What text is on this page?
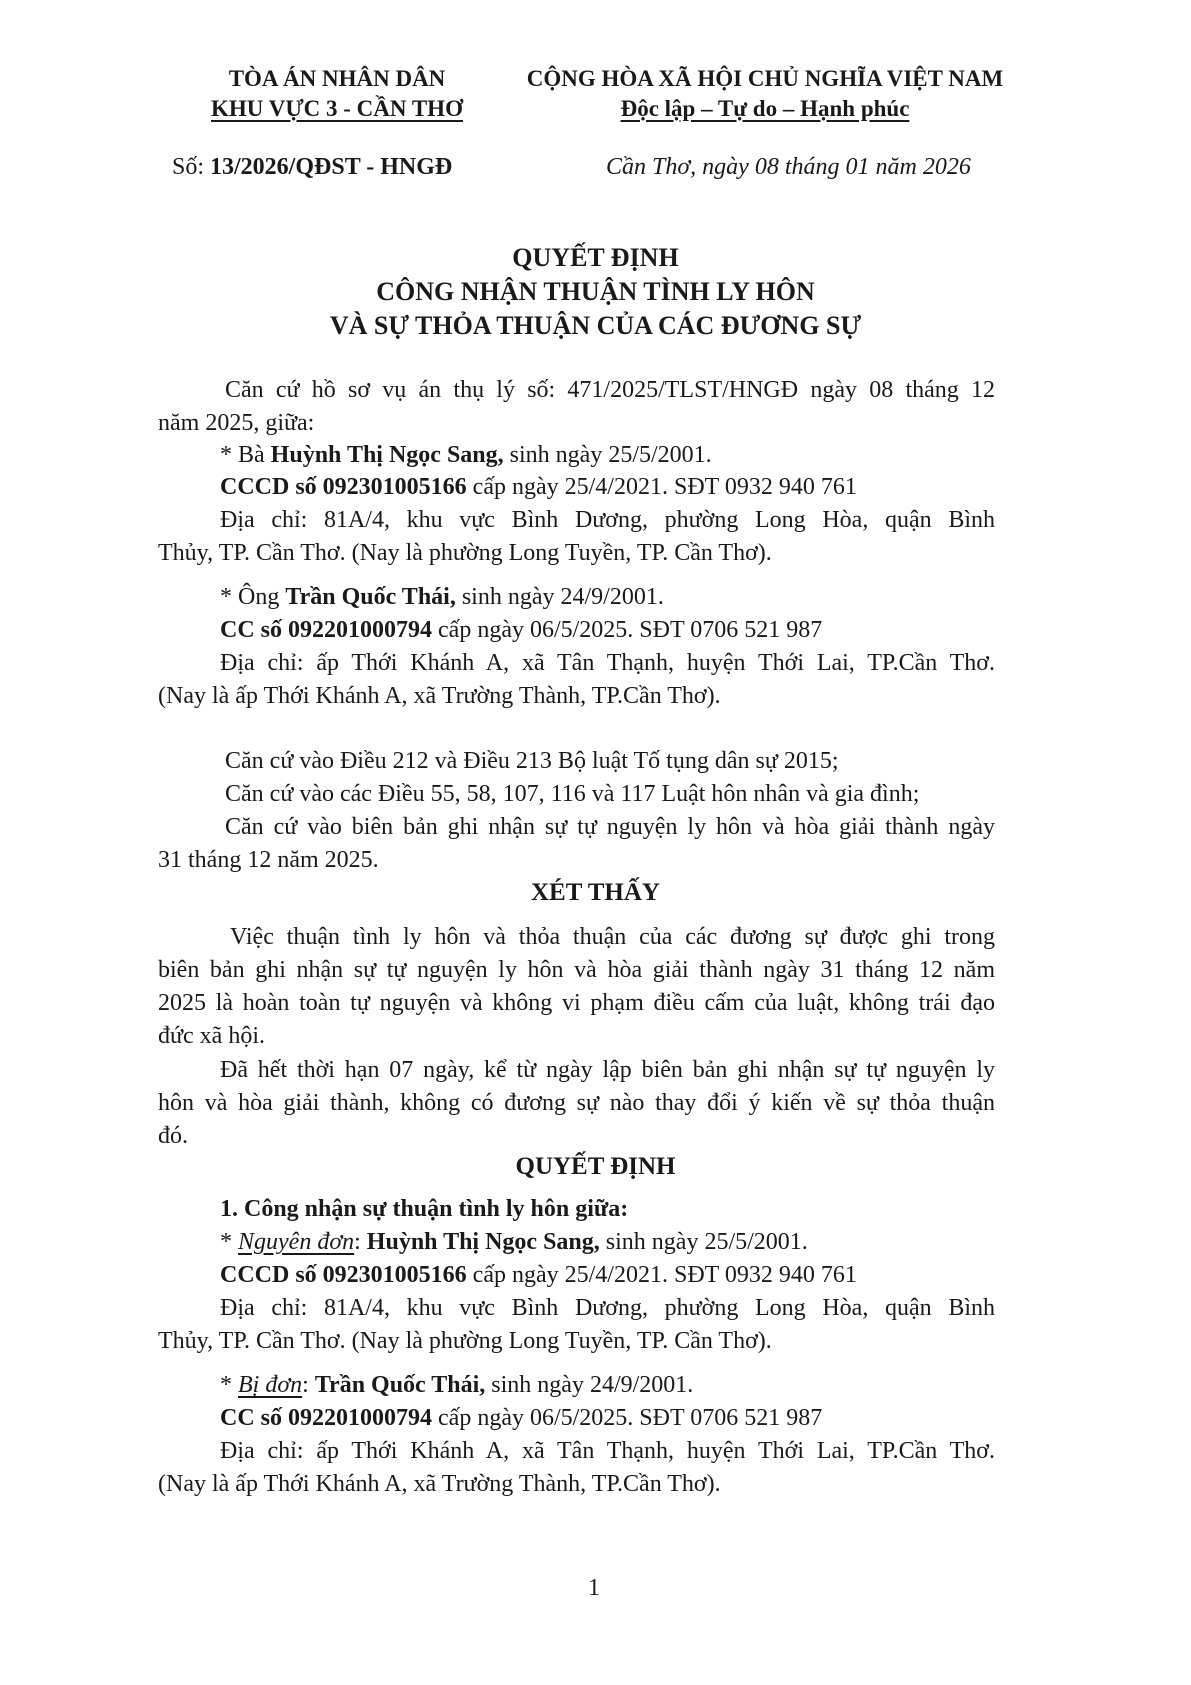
TÒA ÁN NHÂN DÂN
KHU VỰC 3 - CẦN THƠ
CỘNG HÒA XÃ HỘI CHỦ NGHĨA VIỆT NAM
Độc lập – Tự do – Hạnh phúc
Số: 13/2026/QĐST - HNGĐ	Cần Thơ, ngày 08 tháng 01 năm 2026
QUYẾT ĐỊNH
CÔNG NHẬN THUẬN TÌNH LY HÔN
VÀ SỰ THỎA THUẬN CỦA CÁC ĐƯƠNG SỰ
Căn cứ hồ sơ vụ án thụ lý số: 471/2025/TLST/HNGĐ ngày 08 tháng 12
năm 2025, giữa:
* Bà Huỳnh Thị Ngọc Sang, sinh ngày 25/5/2001.
CCCD số 092301005166 cấp ngày 25/4/2021. SĐT 0932 940 761
Địa chỉ: 81A/4, khu vực Bình Dương, phường Long Hòa, quận Bình
Thủy, TP. Cần Thơ. (Nay là phường Long Tuyền, TP. Cần Thơ).
* Ông Trần Quốc Thái, sinh ngày 24/9/2001.
CC số 092201000794 cấp ngày 06/5/2025. SĐT 0706 521 987
Địa chỉ: ấp Thới Khánh A, xã Tân Thạnh, huyện Thới Lai, TP.Cần Thơ.
(Nay là ấp Thới Khánh A, xã Trường Thành, TP.Cần Thơ).
Căn cứ vào Điều 212 và Điều 213 Bộ luật Tố tụng dân sự 2015;
Căn cứ vào các Điều 55, 58, 107, 116 và 117 Luật hôn nhân và gia đình;
Căn cứ vào biên bản ghi nhận sự tự nguyện ly hôn và hòa giải thành ngày
31 tháng 12 năm 2025.
XÉT THẤY
Việc thuận tình ly hôn và thỏa thuận của các đương sự được ghi trong
biên bản ghi nhận sự tự nguyện ly hôn và hòa giải thành ngày 31 tháng 12 năm
2025 là hoàn toàn tự nguyện và không vi phạm điều cấm của luật, không trái đạo
đức xã hội.
Đã hết thời hạn 07 ngày, kể từ ngày lập biên bản ghi nhận sự tự nguyện ly
hôn và hòa giải thành, không có đương sự nào thay đổi ý kiến về sự thỏa thuận
đó.
QUYẾT ĐỊNH
1. Công nhận sự thuận tình ly hôn giữa:
* Nguyên đơn: Huỳnh Thị Ngọc Sang, sinh ngày 25/5/2001.
CCCD số 092301005166 cấp ngày 25/4/2021. SĐT 0932 940 761
Địa chỉ: 81A/4, khu vực Bình Dương, phường Long Hòa, quận Bình
Thủy, TP. Cần Thơ. (Nay là phường Long Tuyền, TP. Cần Thơ).
* Bị đơn: Trần Quốc Thái, sinh ngày 24/9/2001.
CC số 092201000794 cấp ngày 06/5/2025. SĐT 0706 521 987
Địa chỉ: ấp Thới Khánh A, xã Tân Thạnh, huyện Thới Lai, TP.Cần Thơ.
(Nay là ấp Thới Khánh A, xã Trường Thành, TP.Cần Thơ).
1
